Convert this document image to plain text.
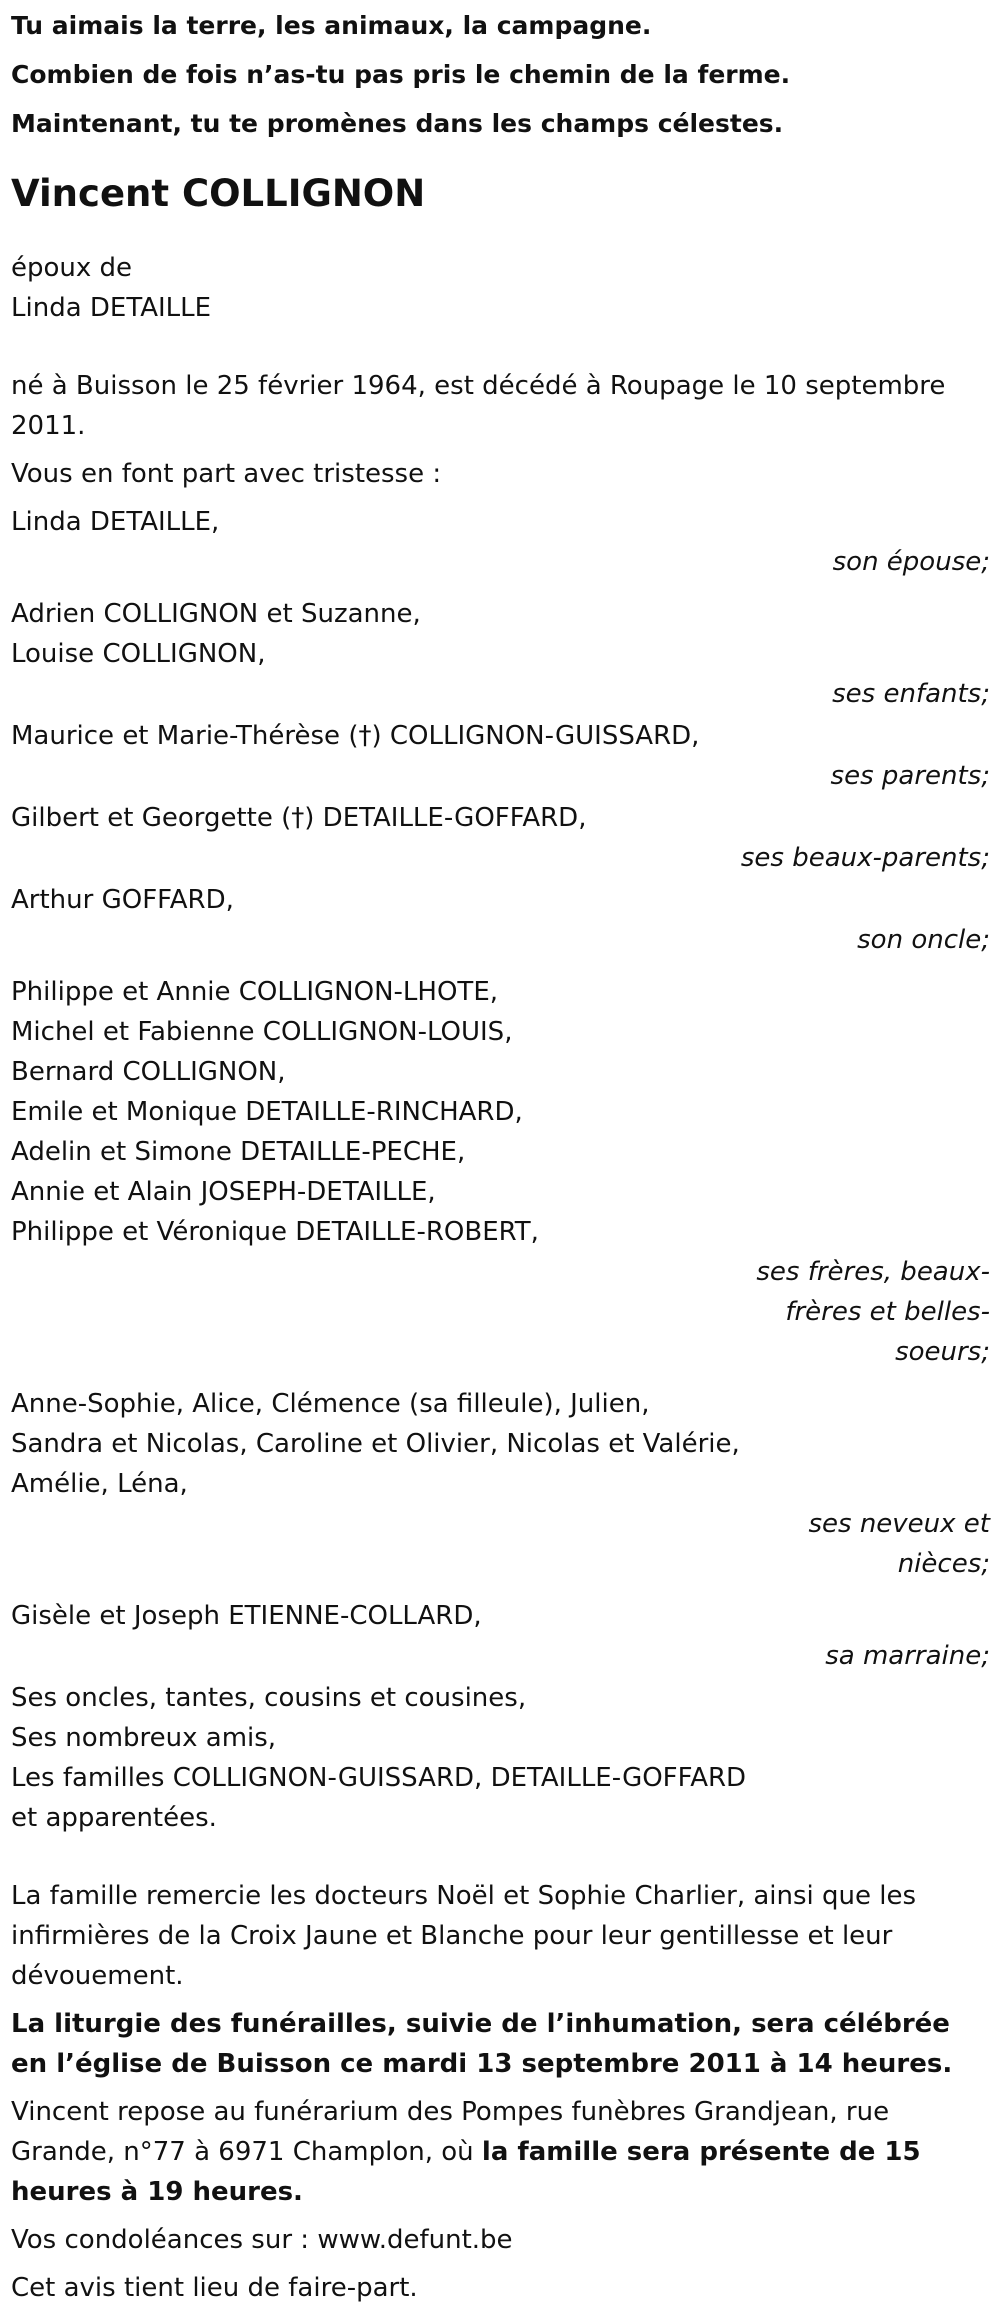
Tu aimais la terre, les animaux, la campagne.

Combien de fois n’as-tu pas pris le chemin de la ferme.

Maintenant, tu te promènes dans les champs célestes.

Vincent COLLIGNON
époux de
Linda DETAILLE
né à Buisson le 25 février 1964, est décédé à Roupage le 10 septembre 2011.
Vous en font part avec tristesse :
Linda DETAILLE,
son épouse;
Adrien COLLIGNON et Suzanne,
Louise COLLIGNON,
ses enfants;
Maurice et Marie-Thérèse (†) COLLIGNON-GUISSARD,
ses parents;
Gilbert et Georgette (†) DETAILLE-GOFFARD,
ses beaux-parents;
Arthur GOFFARD,
son oncle;
Philippe et Annie COLLIGNON-LHOTE,
Michel et Fabienne COLLIGNON-LOUIS,
Bernard COLLIGNON,
Emile et Monique DETAILLE-RINCHARD,
Adelin et Simone DETAILLE-PECHE,
Annie et Alain JOSEPH-DETAILLE,
Philippe et Véronique DETAILLE-ROBERT,
ses frères, beaux-frères et belles-soeurs;
Anne-Sophie, Alice, Clémence (sa filleule), Julien,
Sandra et Nicolas, Caroline et Olivier, Nicolas et Valérie,
Amélie, Léna,
ses neveux et nièces;
Gisèle et Joseph ETIENNE-COLLARD,
sa marraine;
Ses oncles, tantes, cousins et cousines,
Ses nombreux amis,
Les familles COLLIGNON-GUISSARD, DETAILLE-GOFFARD
et apparentées.
La famille remercie les docteurs Noël et Sophie Charlier, ainsi que les infirmières de la Croix Jaune et Blanche pour leur gentillesse et leur dévouement.
La liturgie des funérailles, suivie de l’inhumation, sera célébrée en l’église de Buisson ce mardi 13 septembre 2011 à 14 heures.
Vincent repose au funérarium des Pompes funèbres Grandjean, rue Grande, n°77 à 6971 Champlon, où la famille sera présente de 15 heures à 19 heures.
Vos condoléances sur : www.defunt.be
Cet avis tient lieu de faire-part.
